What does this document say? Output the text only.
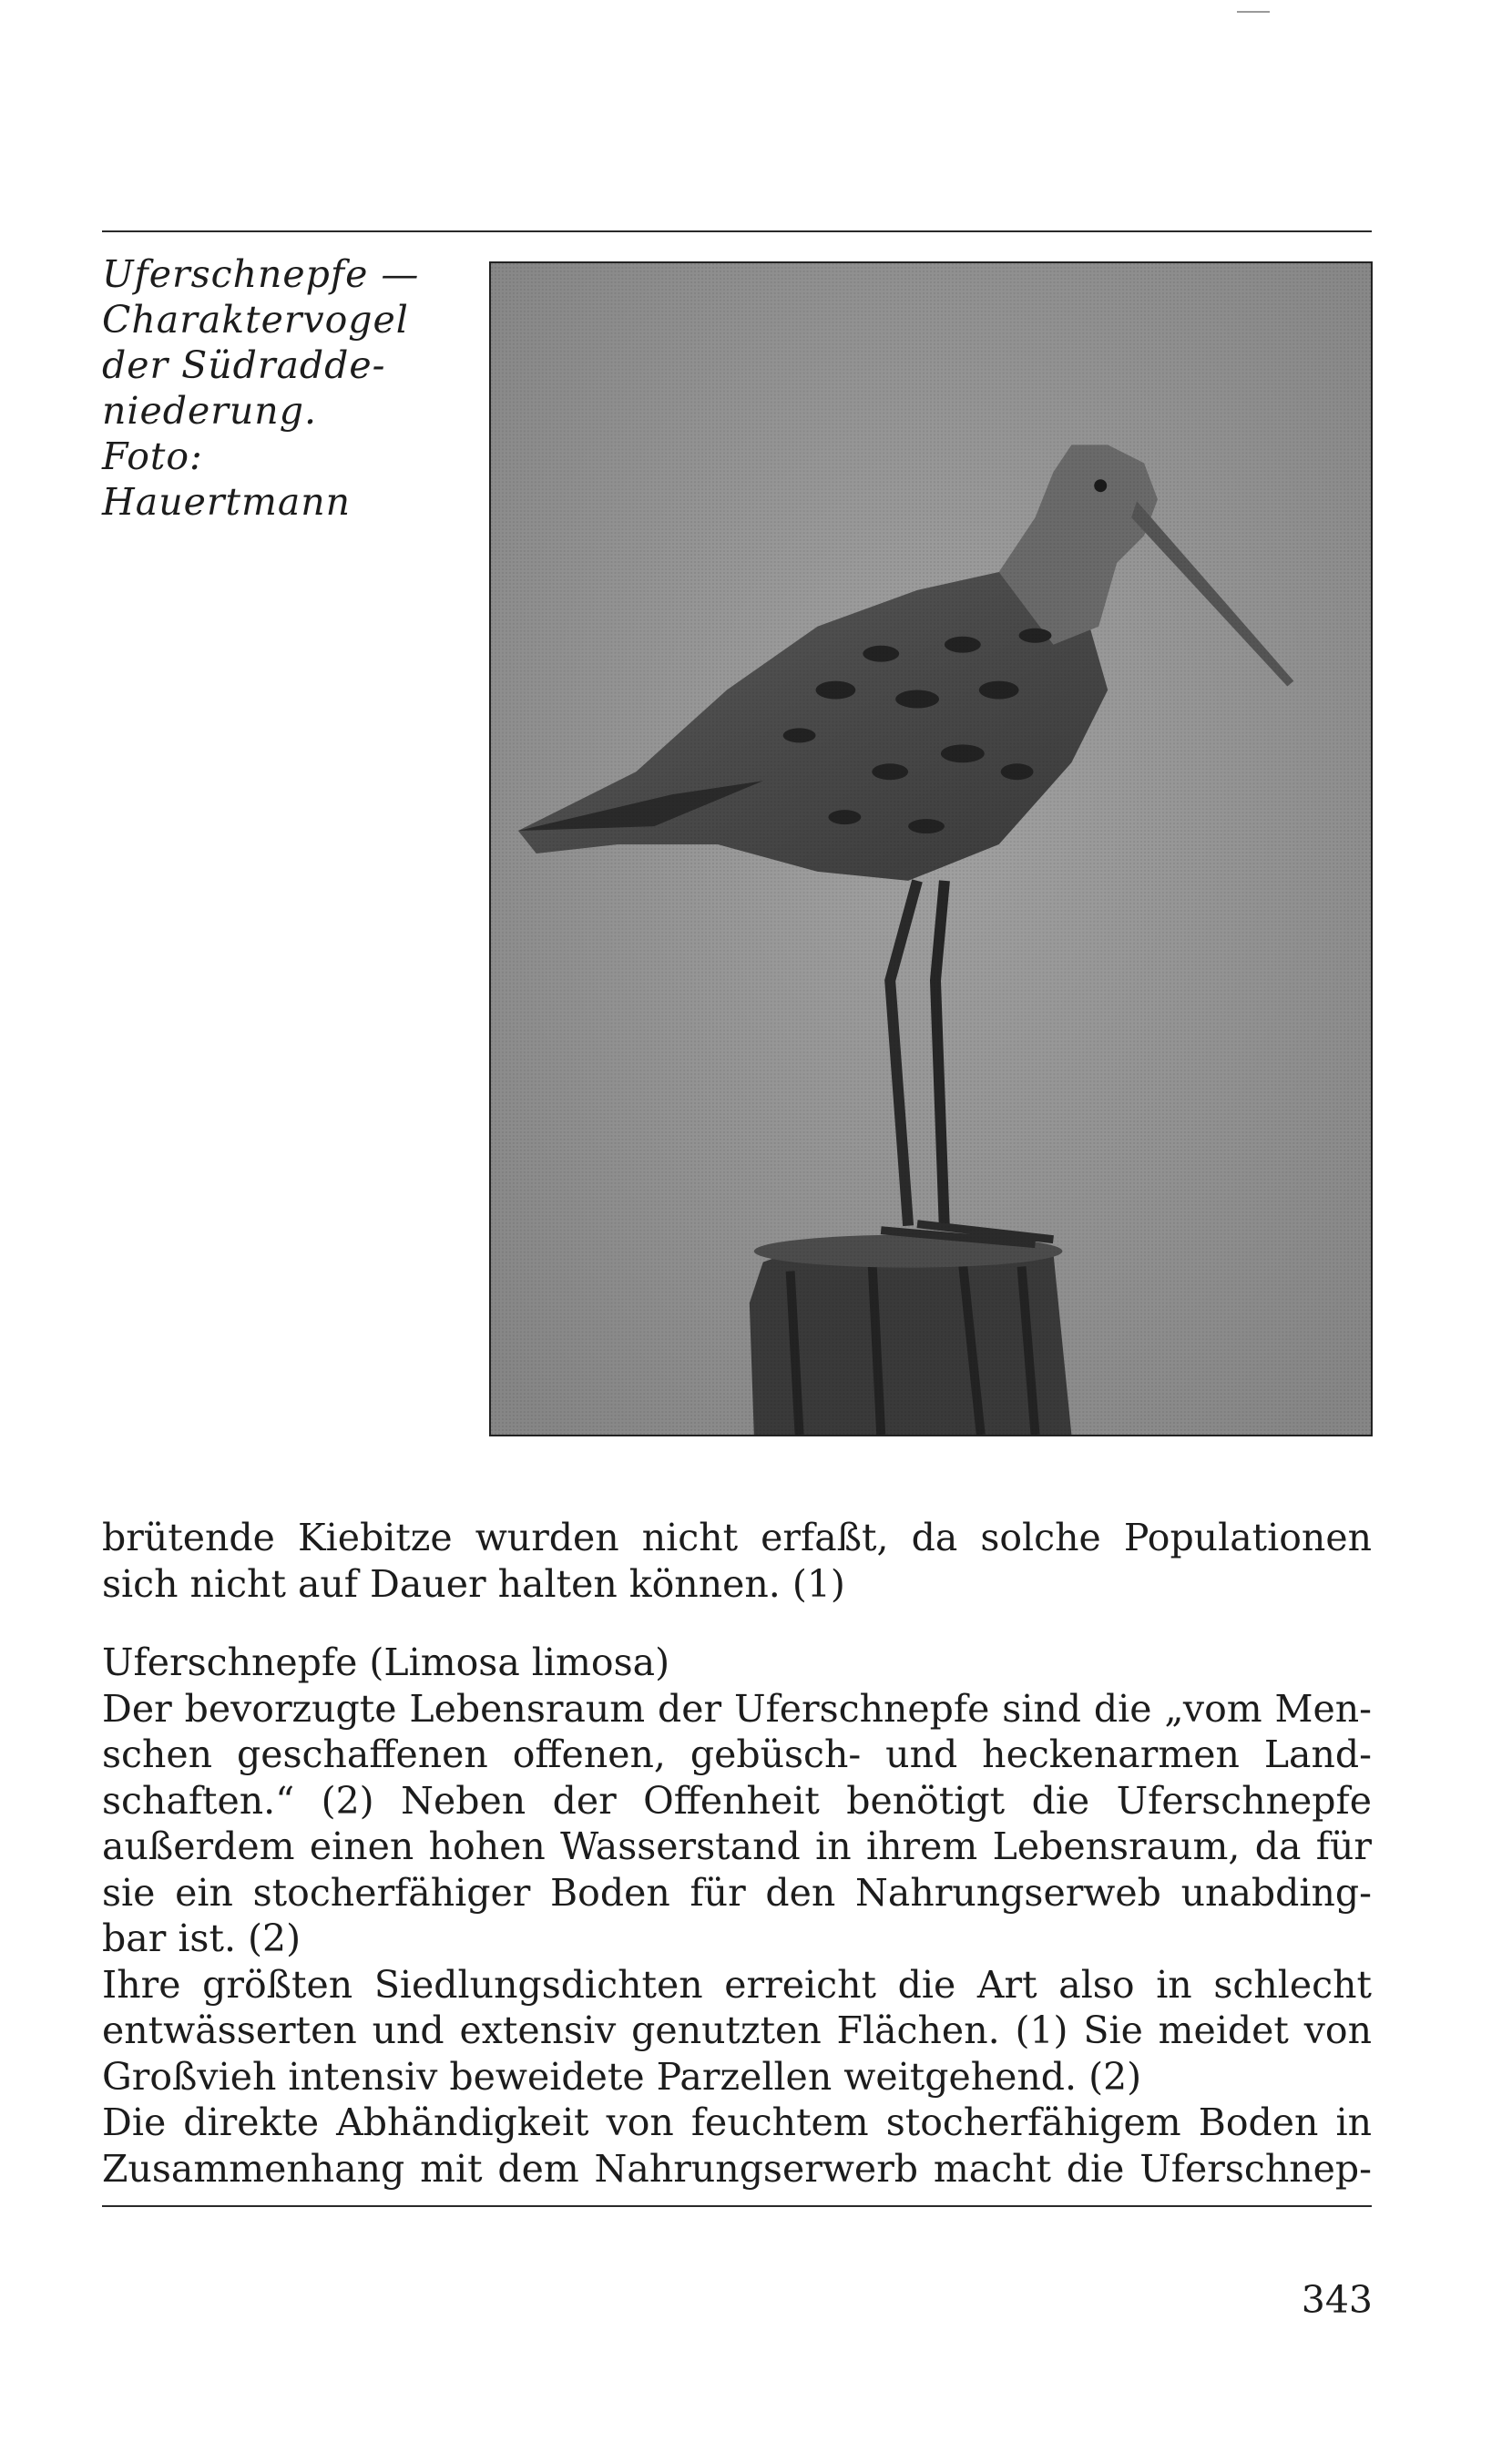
Uferschnepfe —
Charaktervogel
der Südradde-
niederung.
Foto:
Hauertmann
brütende Kiebitze wurden nicht erfaßt, da solche Populationen
sich nicht auf Dauer halten können. (1)
Uferschnepfe (Limosa limosa)
Der bevorzugte Lebensraum der Uferschnepfe sind die „vom Men-
schen geschaffenen offenen, gebüsch- und heckenarmen Land-
schaften.“ (2) Neben der Offenheit benötigt die Uferschnepfe
außerdem einen hohen Wasserstand in ihrem Lebensraum, da für
sie ein stocherfähiger Boden für den Nahrungserweb unabding-
bar ist. (2)
Ihre größten Siedlungsdichten erreicht die Art also in schlecht
entwässerten und extensiv genutzten Flächen. (1) Sie meidet von
Großvieh intensiv beweidete Parzellen weitgehend. (2)
Die direkte Abhändigkeit von feuchtem stocherfähigem Boden in
Zusammenhang mit dem Nahrungserwerb macht die Uferschnep-
343
